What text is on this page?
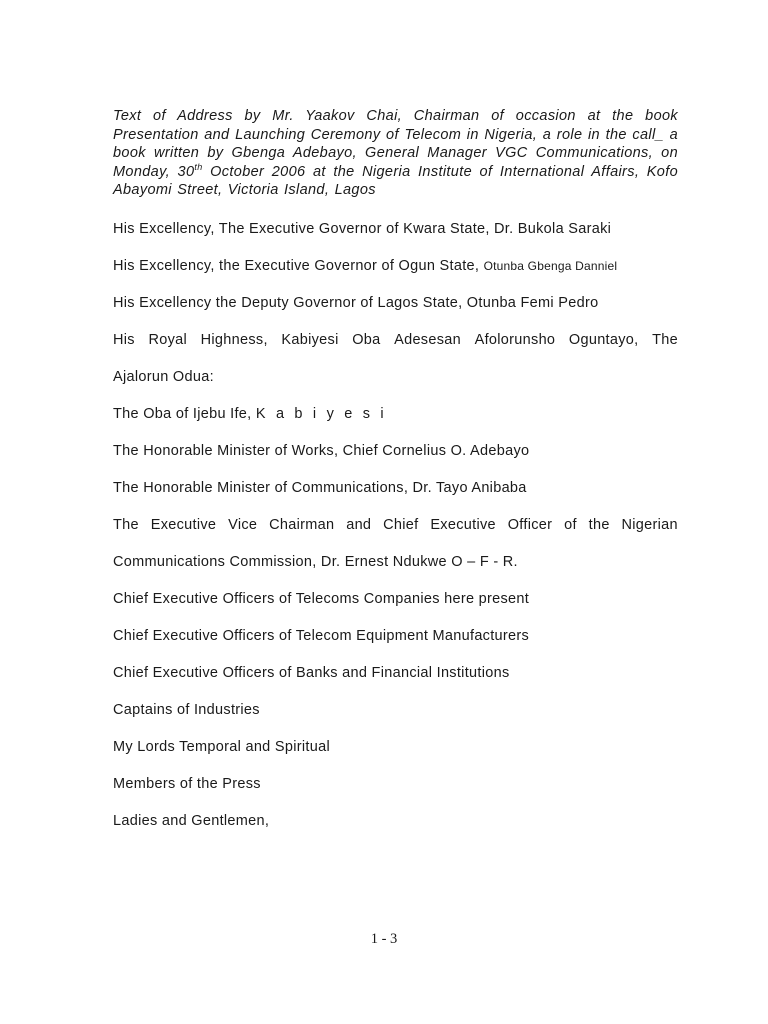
Text of Address by Mr. Yaakov Chai, Chairman of occasion at the book Presentation and Launching Ceremony of Telecom in Nigeria, a role in the call_ a book written by Gbenga Adebayo, General Manager VGC Communications, on Monday, 30th October 2006 at the Nigeria Institute of International Affairs, Kofo Abayomi Street, Victoria Island, Lagos

His Excellency, The Executive Governor of Kwara State, Dr. Bukola Saraki
His Excellency, the Executive Governor of Ogun State, Otunba Gbenga Danniel
His Excellency the Deputy Governor of Lagos State, Otunba Femi Pedro
His Royal Highness, Kabiyesi Oba Adesesan Afolorunsho Oguntayo, The
Ajalorun Odua:
The Oba of Ijebu Ife, K a b i y e s i
The Honorable Minister of Works, Chief Cornelius O. Adebayo
The Honorable Minister of Communications, Dr. Tayo Anibaba
The Executive Vice Chairman and Chief Executive Officer of the Nigerian
Communications Commission, Dr. Ernest Ndukwe O – F - R.
Chief Executive Officers of Telecoms Companies here present
Chief Executive Officers of Telecom Equipment Manufacturers
Chief Executive Officers of Banks and Financial Institutions
Captains of Industries
My Lords Temporal and Spiritual
Members of the Press
Ladies and Gentlemen,
1 - 3
